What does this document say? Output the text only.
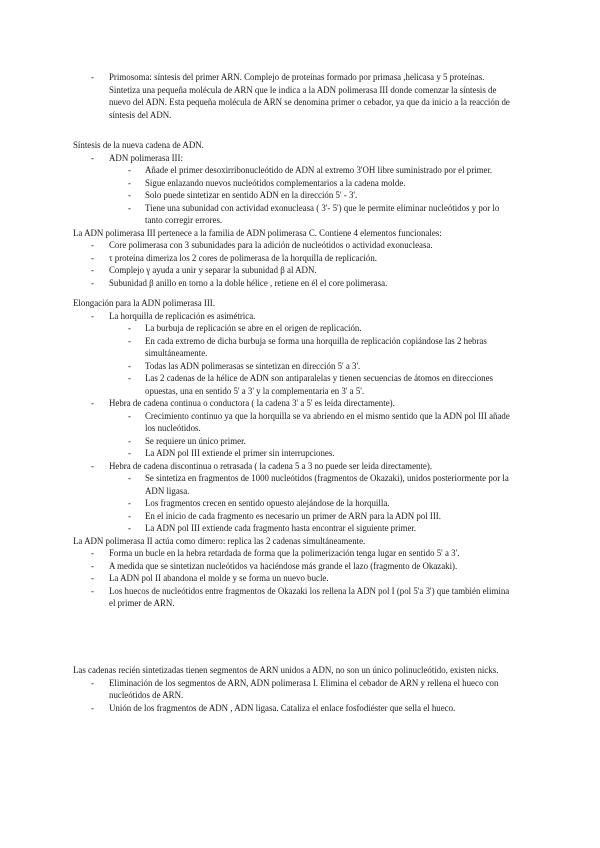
- Primosoma: síntesis del primer ARN. Complejo de proteínas formado por primasa ,helicasa y 5 proteínas. Sintetiza una pequeña molécula de ARN que le indica a la ADN polimerasa III donde comenzar la síntesis de nuevo del ADN. Esta pequeña molécula de ARN se denomina primer o cebador, ya que da inicio a la reacción de síntesis del ADN.
Síntesis de la nueva cadena de ADN.
- ADN polimerasa III:
- Añade el primer desoxirribonucleótido de ADN al extremo 3'OH libre suministrado por el primer.
- Sigue enlazando nuevos nucleótidos complementarios a la cadena molde.
- Solo puede sintetizar en sentido ADN en la dirección 5' - 3'.
- Tiene una subunidad con actividad exonucleasa ( 3'- 5') que le permite eliminar nucleótidos y por lo tanto corregir errores.
La ADN polimerasa III pertenece a la familia de ADN polimerasa C. Contiene 4 elementos funcionales:
- Core polimerasa con 3 subunidades para la adición de nucleótidos o actividad exonucleasa.
- τ proteína dimeriza los 2 cores de polimerasa de la horquilla de replicación.
- Complejo γ ayuda a unir y separar la subunidad β al ADN.
- Subunidad β anillo en torno a la doble hélice , retiene en él el core polimerasa.
Elongación para la ADN polimerasa III.
- La horquilla de replicación es asimétrica.
- La burbuja de replicación se abre en el origen de replicación.
- En cada extremo de dicha burbuja se forma una horquilla de replicación copiándose las 2 hebras simultáneamente.
- Todas las ADN polimerasas se sintetizan en dirección 5' a 3'.
- Las 2 cadenas de la hélice de ADN son antiparalelas y tienen secuencias de átomos en direcciones opuestas, una en sentido 5' a 3' y la complementaria en 3' a 5'.
- Hebra de cadena continua o conductora ( la cadena 3' a 5' es leída directamente).
- Crecimiento continuo ya que la horquilla se va abriendo en el mismo sentido que la ADN pol III añade los nucleótidos.
- Se requiere un único primer.
- La ADN pol III extiende el primer sin interrupciones.
- Hebra de cadena discontinua o retrasada ( la cadena 5 a 3 no puede ser leída directamente).
- Se sintetiza en fragmentos de 1000 nucleótidos (fragmentos de Okazaki), unidos posteriormente por la ADN ligasa.
- Los fragmentos crecen en sentido opuesto alejándose de la horquilla.
- En el inicio de cada fragmento es necesario un primer de ARN para la ADN pol III.
- La ADN pol III extiende cada fragmento hasta encontrar el siguiente primer.
La ADN polimerasa II actúa como dímero: replica las 2 cadenas simultáneamente.
- Forma un bucle en la hebra retardada de forma que la polimerización tenga lugar en sentido 5' a 3'.
- A medida que se sintetizan nucleótidos va haciéndose más grande el lazo (fragmento de Okazaki).
- La ADN pol II abandona el molde y se forma un nuevo bucle.
- Los huecos de nucleótidos entre fragmentos de Okazaki los rellena la ADN pol I (pol 5'a 3') que también elimina el primer de ARN.
Las cadenas recién sintetizadas tienen segmentos de ARN unidos a ADN, no son un único polinucleótido, existen nicks.
- Eliminación de los segmentos de ARN, ADN polimerasa I. Elimina el cebador de ARN y rellena el hueco con nucleótidos de ARN.
- Unión de los fragmentos de ADN , ADN ligasa. Cataliza el enlace fosfodiéster que sella el hueco.
